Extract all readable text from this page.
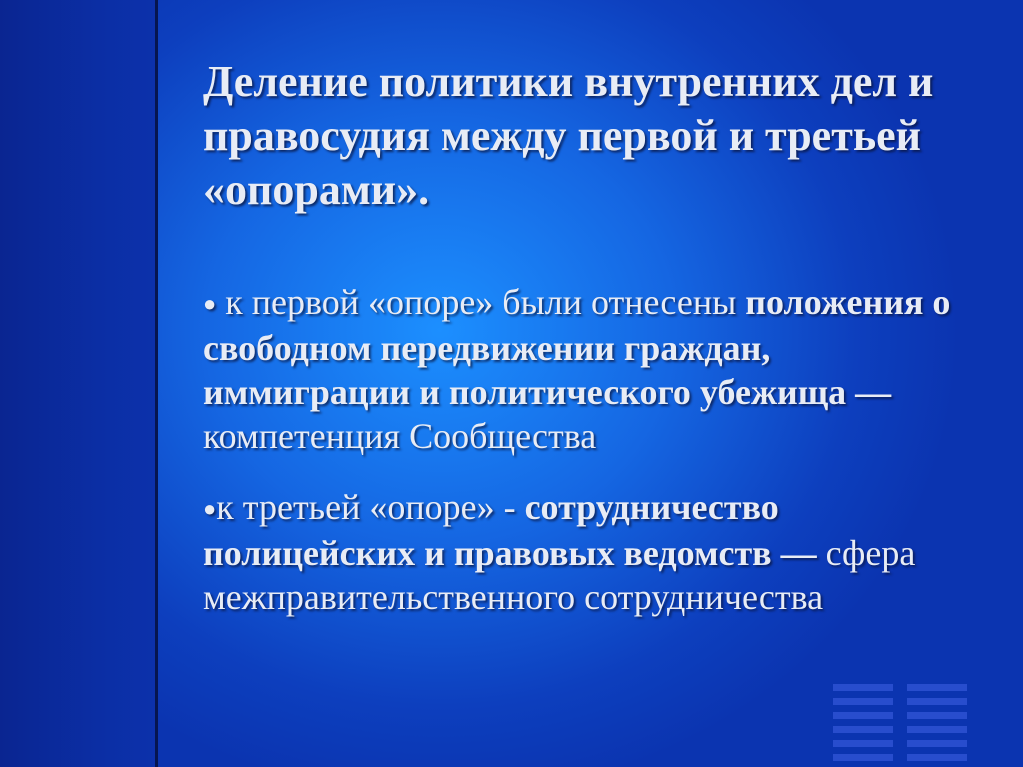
Деление политики внутренних дел и правосудия между первой и третьей «опорами».
● к первой «опоре» были отнесены положения о свободном передвижении граждан, иммиграции и политического убежища — компетенция Сообщества
●к третьей «опоре» - сотрудничество полицейских и правовых ведомств — сфера межправительственного сотрудничества
